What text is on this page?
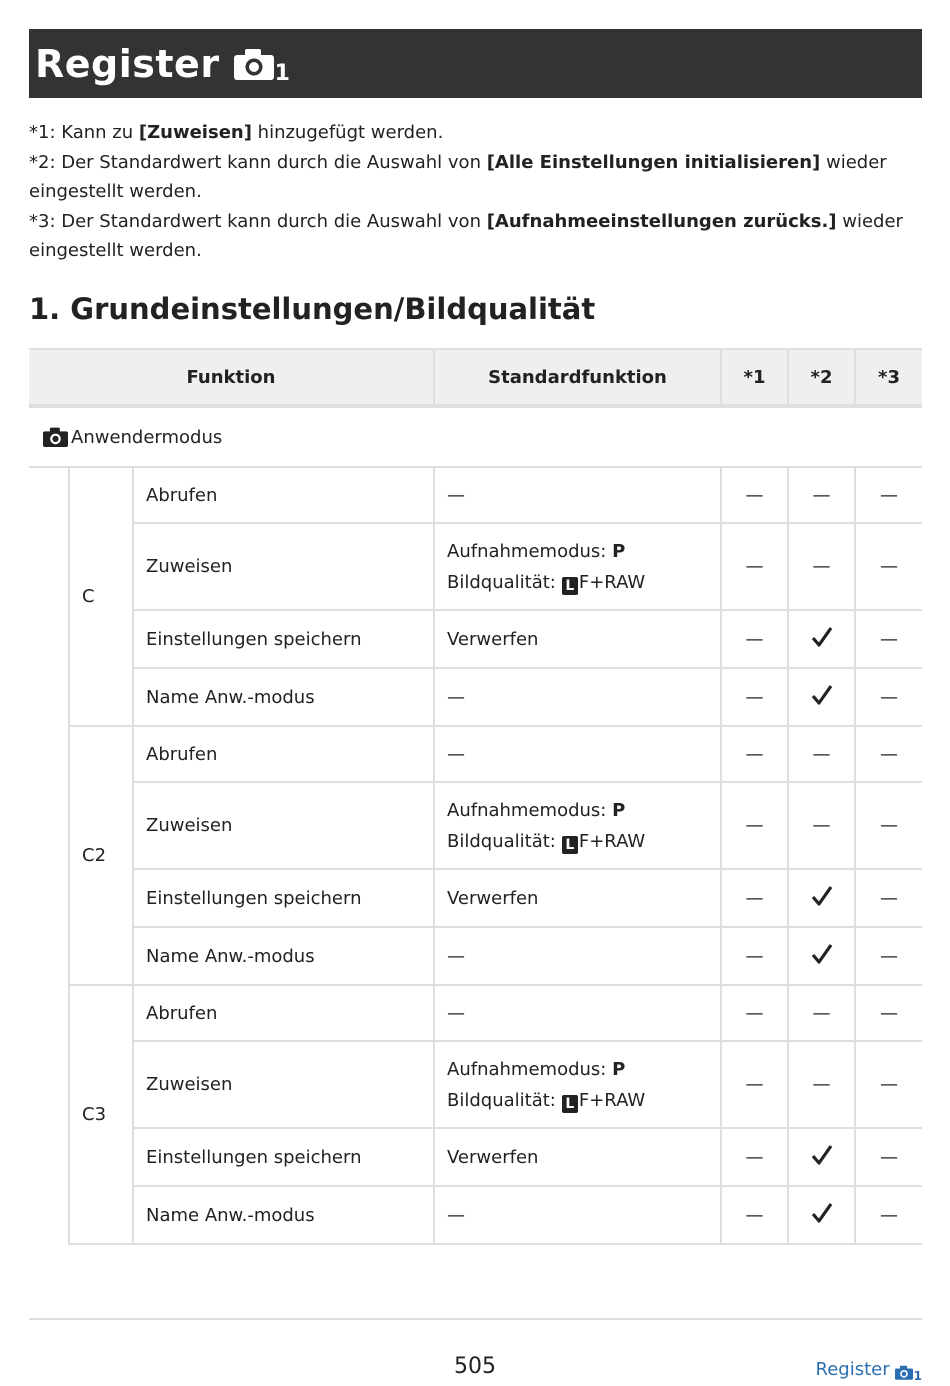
Register	1

*1: Kann zu [Zuweisen] hinzugefügt werden.

*2: Der Standardwert kann durch die Auswahl von [Alle Einstellungen initialisieren] wieder eingestellt werden.

*3: Der Standardwert kann durch die Auswahl von [Aufnahmeeinstellungen zurücks.] wieder eingestellt werden.

1. Grundeinstellungen/Bildqualität
Funktion			Standardfunktion	*1	*2	*3

Anwendermodus						

	C	Abrufen	—	—	—	—
		Zuweisen	Aufnahmemodus: P
Bildqualität: L F+RAW	—	—	—
		Einstellungen speichern	Verwerfen	—		—
		Name Anw.-modus	—	—		—
	C2	Abrufen	—	—	—	—
		Zuweisen	Aufnahmemodus: P
Bildqualität: L F+RAW	—	—	—
		Einstellungen speichern	Verwerfen	—		—
		Name Anw.-modus	—	—		—
	C3	Abrufen	—	—	—	—
		Zuweisen	Aufnahmemodus: P
Bildqualität: L F+RAW	—	—	—
		Einstellungen speichern	Verwerfen	—		—
		Name Anw.-modus	—	—		—
505	Register 1
